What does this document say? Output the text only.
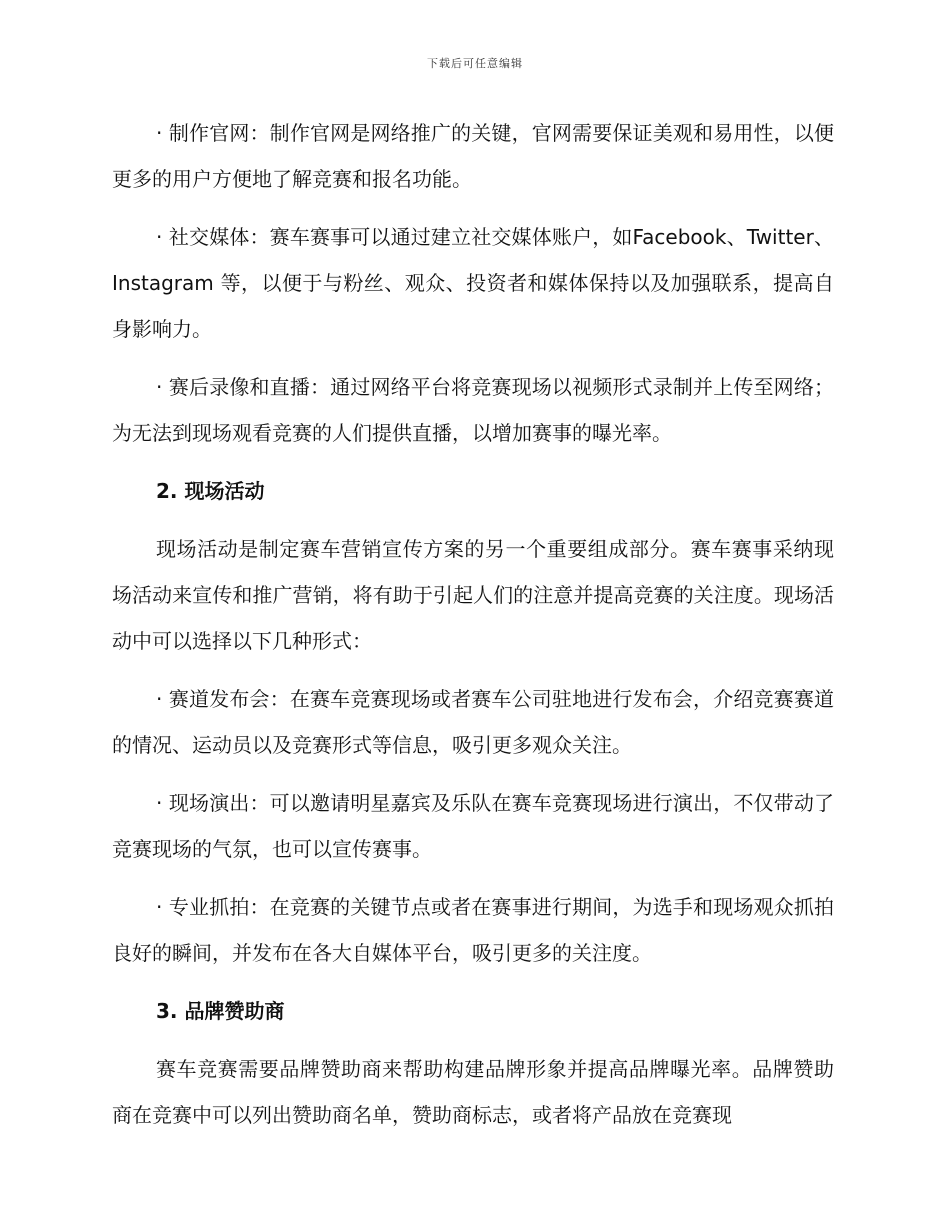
下载后可任意编辑

· 制作官网：制作官网是网络推广的关键，官网需要保证美观和易用性，以便更多的用户方便地了解竞赛和报名功能。

· 社交媒体：赛车赛事可以通过建立社交媒体账户，如Facebook、Twitter、Instagram 等，以便于与粉丝、观众、投资者和媒体保持以及加强联系，提高自身影响力。

· 赛后录像和直播：通过网络平台将竞赛现场以视频形式录制并上传至网络；为无法到现场观看竞赛的人们提供直播，以增加赛事的曝光率。

2. 现场活动

现场活动是制定赛车营销宣传方案的另一个重要组成部分。赛车赛事采纳现场活动来宣传和推广营销，将有助于引起人们的注意并提高竞赛的关注度。现场活动中可以选择以下几种形式：

· 赛道发布会：在赛车竞赛现场或者赛车公司驻地进行发布会，介绍竞赛赛道的情况、运动员以及竞赛形式等信息，吸引更多观众关注。

· 现场演出：可以邀请明星嘉宾及乐队在赛车竞赛现场进行演出，不仅带动了竞赛现场的气氛，也可以宣传赛事。

· 专业抓拍：在竞赛的关键节点或者在赛事进行期间，为选手和现场观众抓拍良好的瞬间，并发布在各大自媒体平台，吸引更多的关注度。

3. 品牌赞助商

赛车竞赛需要品牌赞助商来帮助构建品牌形象并提高品牌曝光率。品牌赞助商在竞赛中可以列出赞助商名单，赞助商标志，或者将产品放在竞赛现
